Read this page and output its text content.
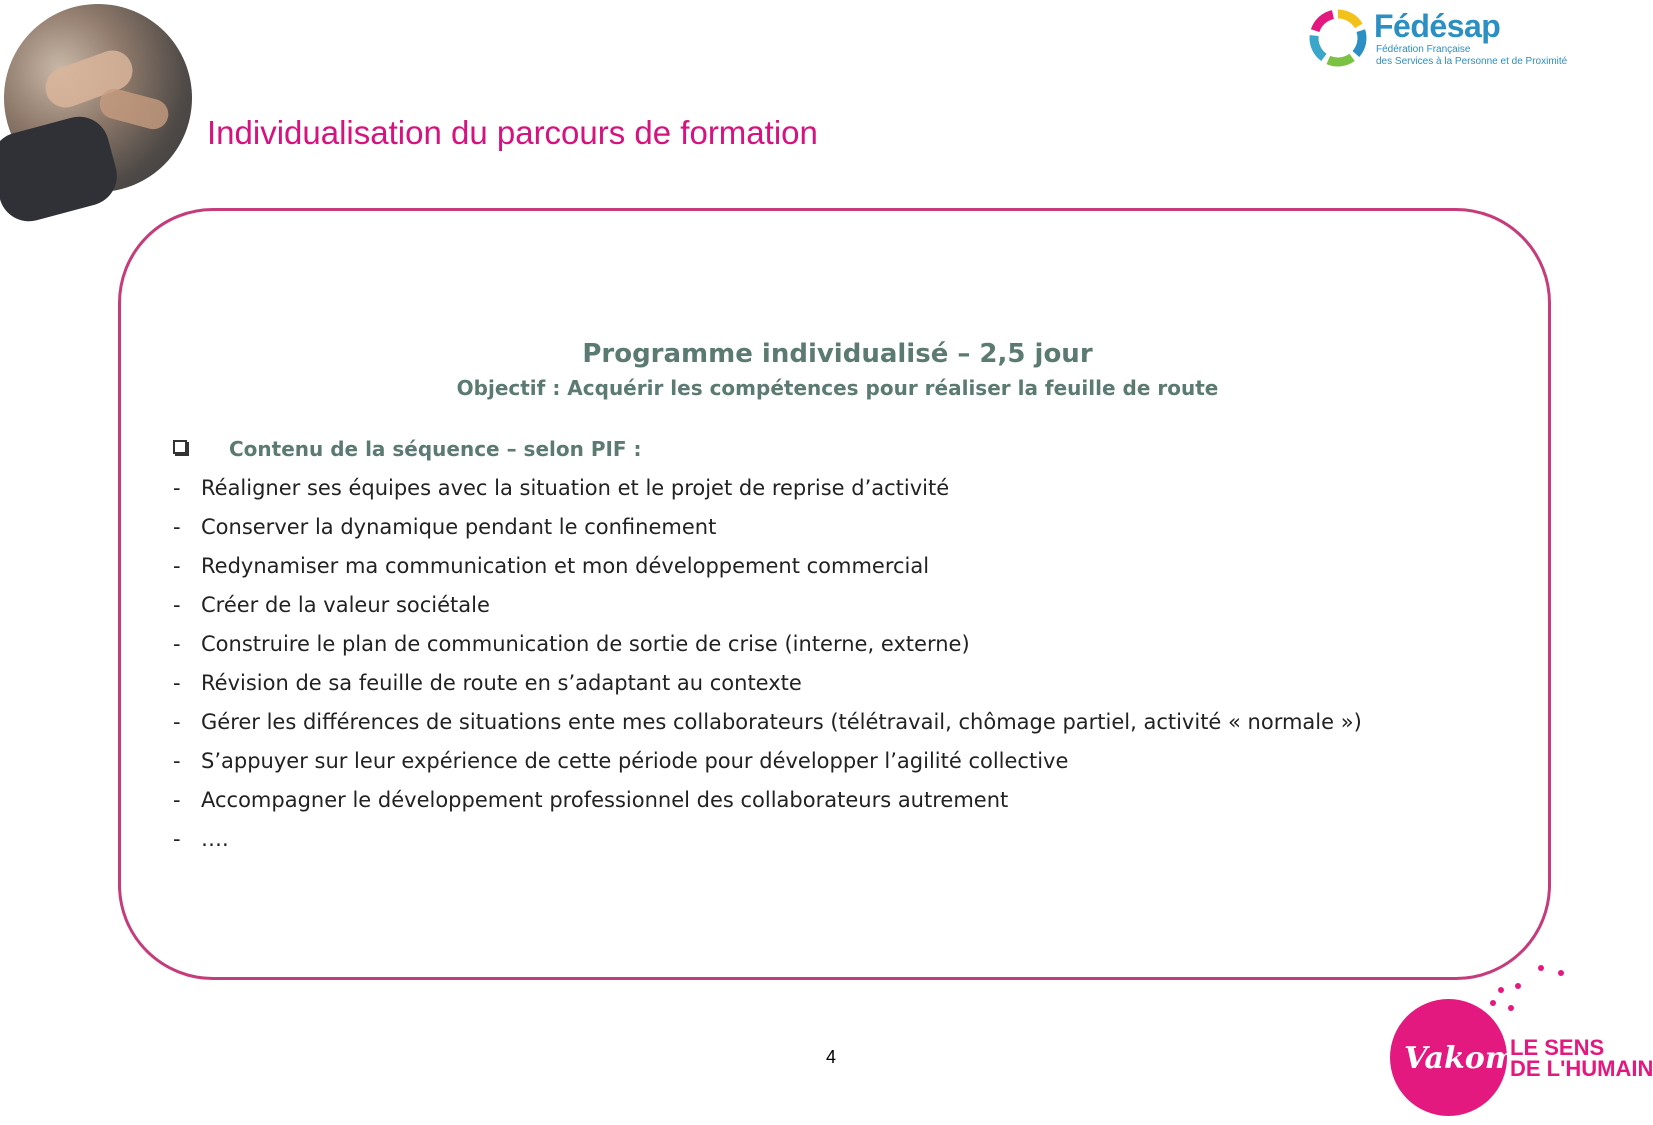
Individualisation du parcours de formation
Fédésap
Fédération Française
des Services à la Personne et de Proximité
Programme individualisé – 2,5 jour
Objectif : Acquérir les compétences pour réaliser la feuille de route
Contenu de la séquence – selon PIF :
- Réaligner ses équipes avec la situation et le projet de reprise d’activité
- Conserver la dynamique pendant le confinement
- Redynamiser ma communication et mon développement commercial
- Créer de la valeur sociétale
- Construire le plan de communication de sortie de crise (interne, externe)
- Révision de sa feuille de route en s’adaptant au contexte
- Gérer les différences de situations ente mes collaborateurs (télétravail, chômage partiel, activité « normale »)
- S’appuyer sur leur expérience de cette période pour développer l’agilité collective
- Accompagner le développement professionnel des collaborateurs autrement
- ….
4	Vakom
LE SENS
DE L'HUMAIN
